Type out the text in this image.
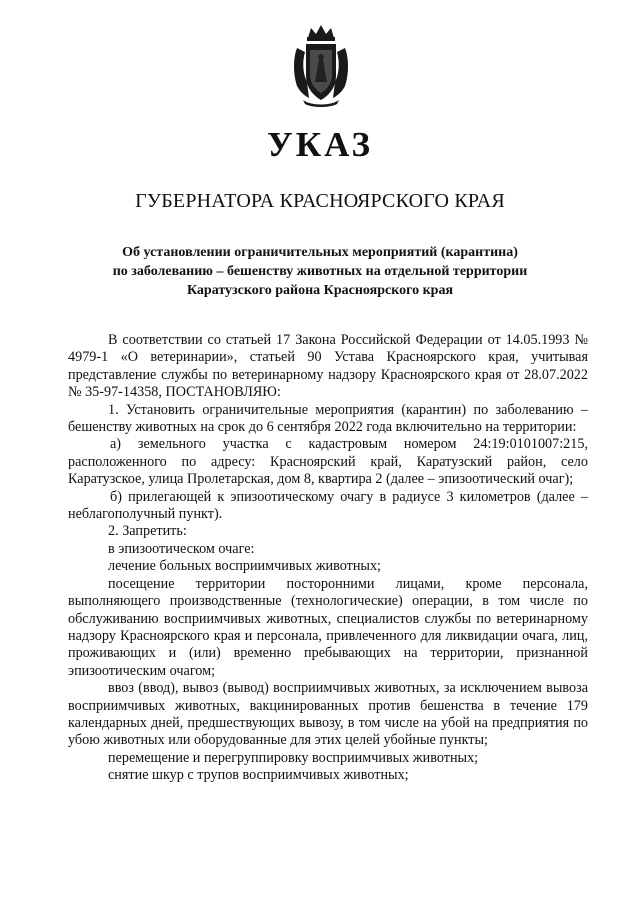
УКАЗ
ГУБЕРНАТОРА КРАСНОЯРСКОГО КРАЯ
Об установлении ограничительных мероприятий (карантина)
по заболеванию – бешенству животных на отдельной территории
Каратузского района Красноярского края
В соответствии со статьей 17 Закона Российской Федерации от 14.05.1993 № 4979-1 «О ветеринарии», статьей 90 Устава Красноярского края, учитывая представление службы по ветеринарному надзору Красноярского края от 28.07.2022 № 35-97-14358, ПОСТАНОВЛЯЮ:
1. Установить ограничительные мероприятия (карантин) по заболеванию – бешенству животных на срок до 6 сентября 2022 года включительно на территории:
а) земельного участка с кадастровым номером 24:19:0101007:215, расположенного по адресу: Красноярский край, Каратузский район, село Каратузское, улица Пролетарская, дом 8, квартира 2 (далее – эпизоотический очаг);
б) прилегающей к эпизоотическому очагу в радиусе 3 километров (далее – неблагополучный пункт).
2. Запретить:
в эпизоотическом очаге:
лечение больных восприимчивых животных;
посещение территории посторонними лицами, кроме персонала, выполняющего производственные (технологические) операции, в том числе по обслуживанию восприимчивых животных, специалистов службы по ветеринарному надзору Красноярского края и персонала, привлеченного для ликвидации очага, лиц, проживающих и (или) временно пребывающих на территории, признанной эпизоотическим очагом;
ввоз (ввод), вывоз (вывод) восприимчивых животных, за исключением вывоза восприимчивых животных, вакцинированных против бешенства в течение 179 календарных дней, предшествующих вывозу, в том числе на убой на предприятия по убою животных или оборудованные для этих целей убойные пункты;
перемещение и перегруппировку восприимчивых животных;
снятие шкур с трупов восприимчивых животных;
